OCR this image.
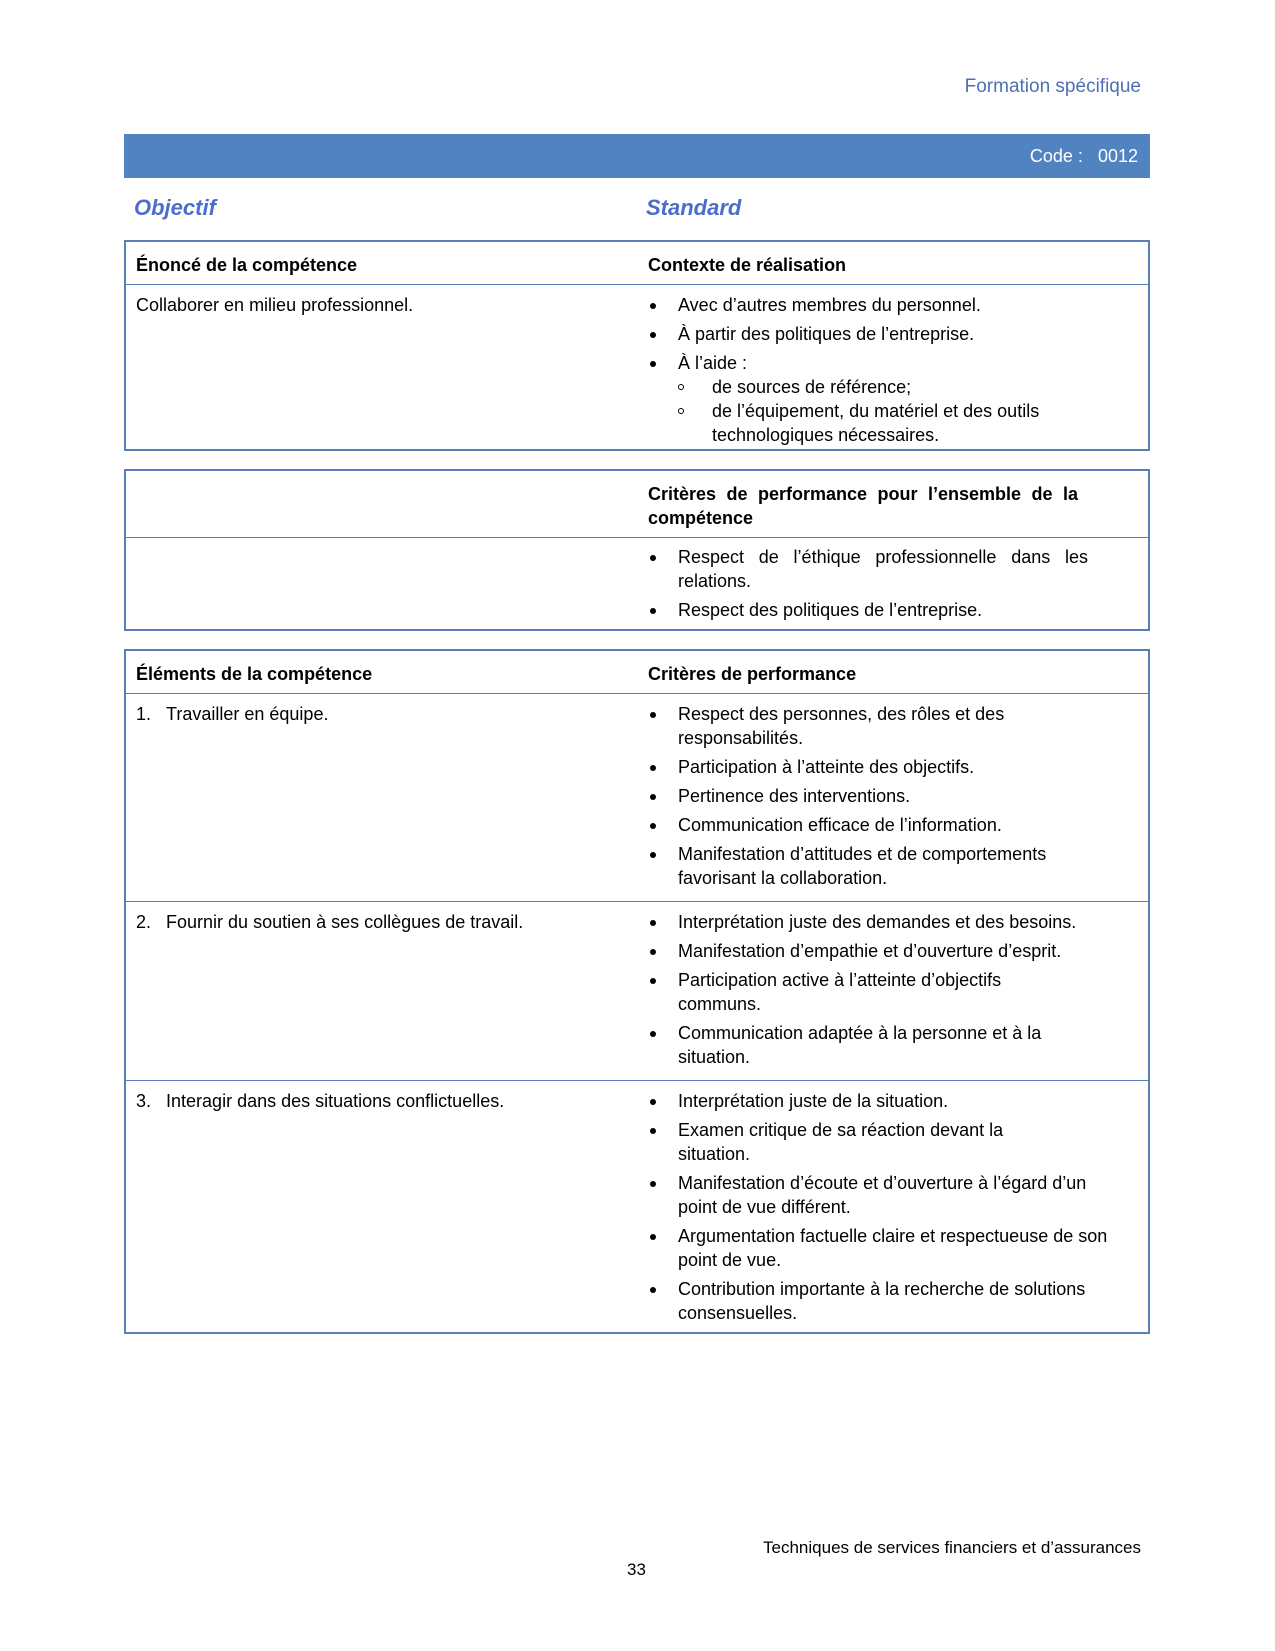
Formation spécifique
Code : 0012
Objectif	Standard
Énoncé de la compétence	Contexte de réalisation
Collaborer en milieu professionnel.	Avec d’autres membres du personnel.
À partir des politiques de l’entreprise.
À l’aide :
de sources de référence;
de l’équipement, du matériel et des outils technologiques nécessaires.
Critères de performance pour l’ensemble de la compétence
Respect de l’éthique professionnelle dans les relations.
Respect des politiques de l’entreprise.
Éléments de la compétence	Critères de performance
1. Travailler en équipe.	Respect des personnes, des rôles et des responsabilités.
Participation à l’atteinte des objectifs.
Pertinence des interventions.
Communication efficace de l’information.
Manifestation d’attitudes et de comportements favorisant la collaboration.
2. Fournir du soutien à ses collègues de travail.	Interprétation juste des demandes et des besoins.
Manifestation d’empathie et d’ouverture d’esprit.
Participation active à l’atteinte d’objectifs communs.
Communication adaptée à la personne et à la situation.
3. Interagir dans des situations conflictuelles.	Interprétation juste de la situation.
Examen critique de sa réaction devant la situation.
Manifestation d’écoute et d’ouverture à l’égard d’un point de vue différent.
Argumentation factuelle claire et respectueuse de son point de vue.
Contribution importante à la recherche de solutions consensuelles.
Techniques de services financiers et d’assurances
33
